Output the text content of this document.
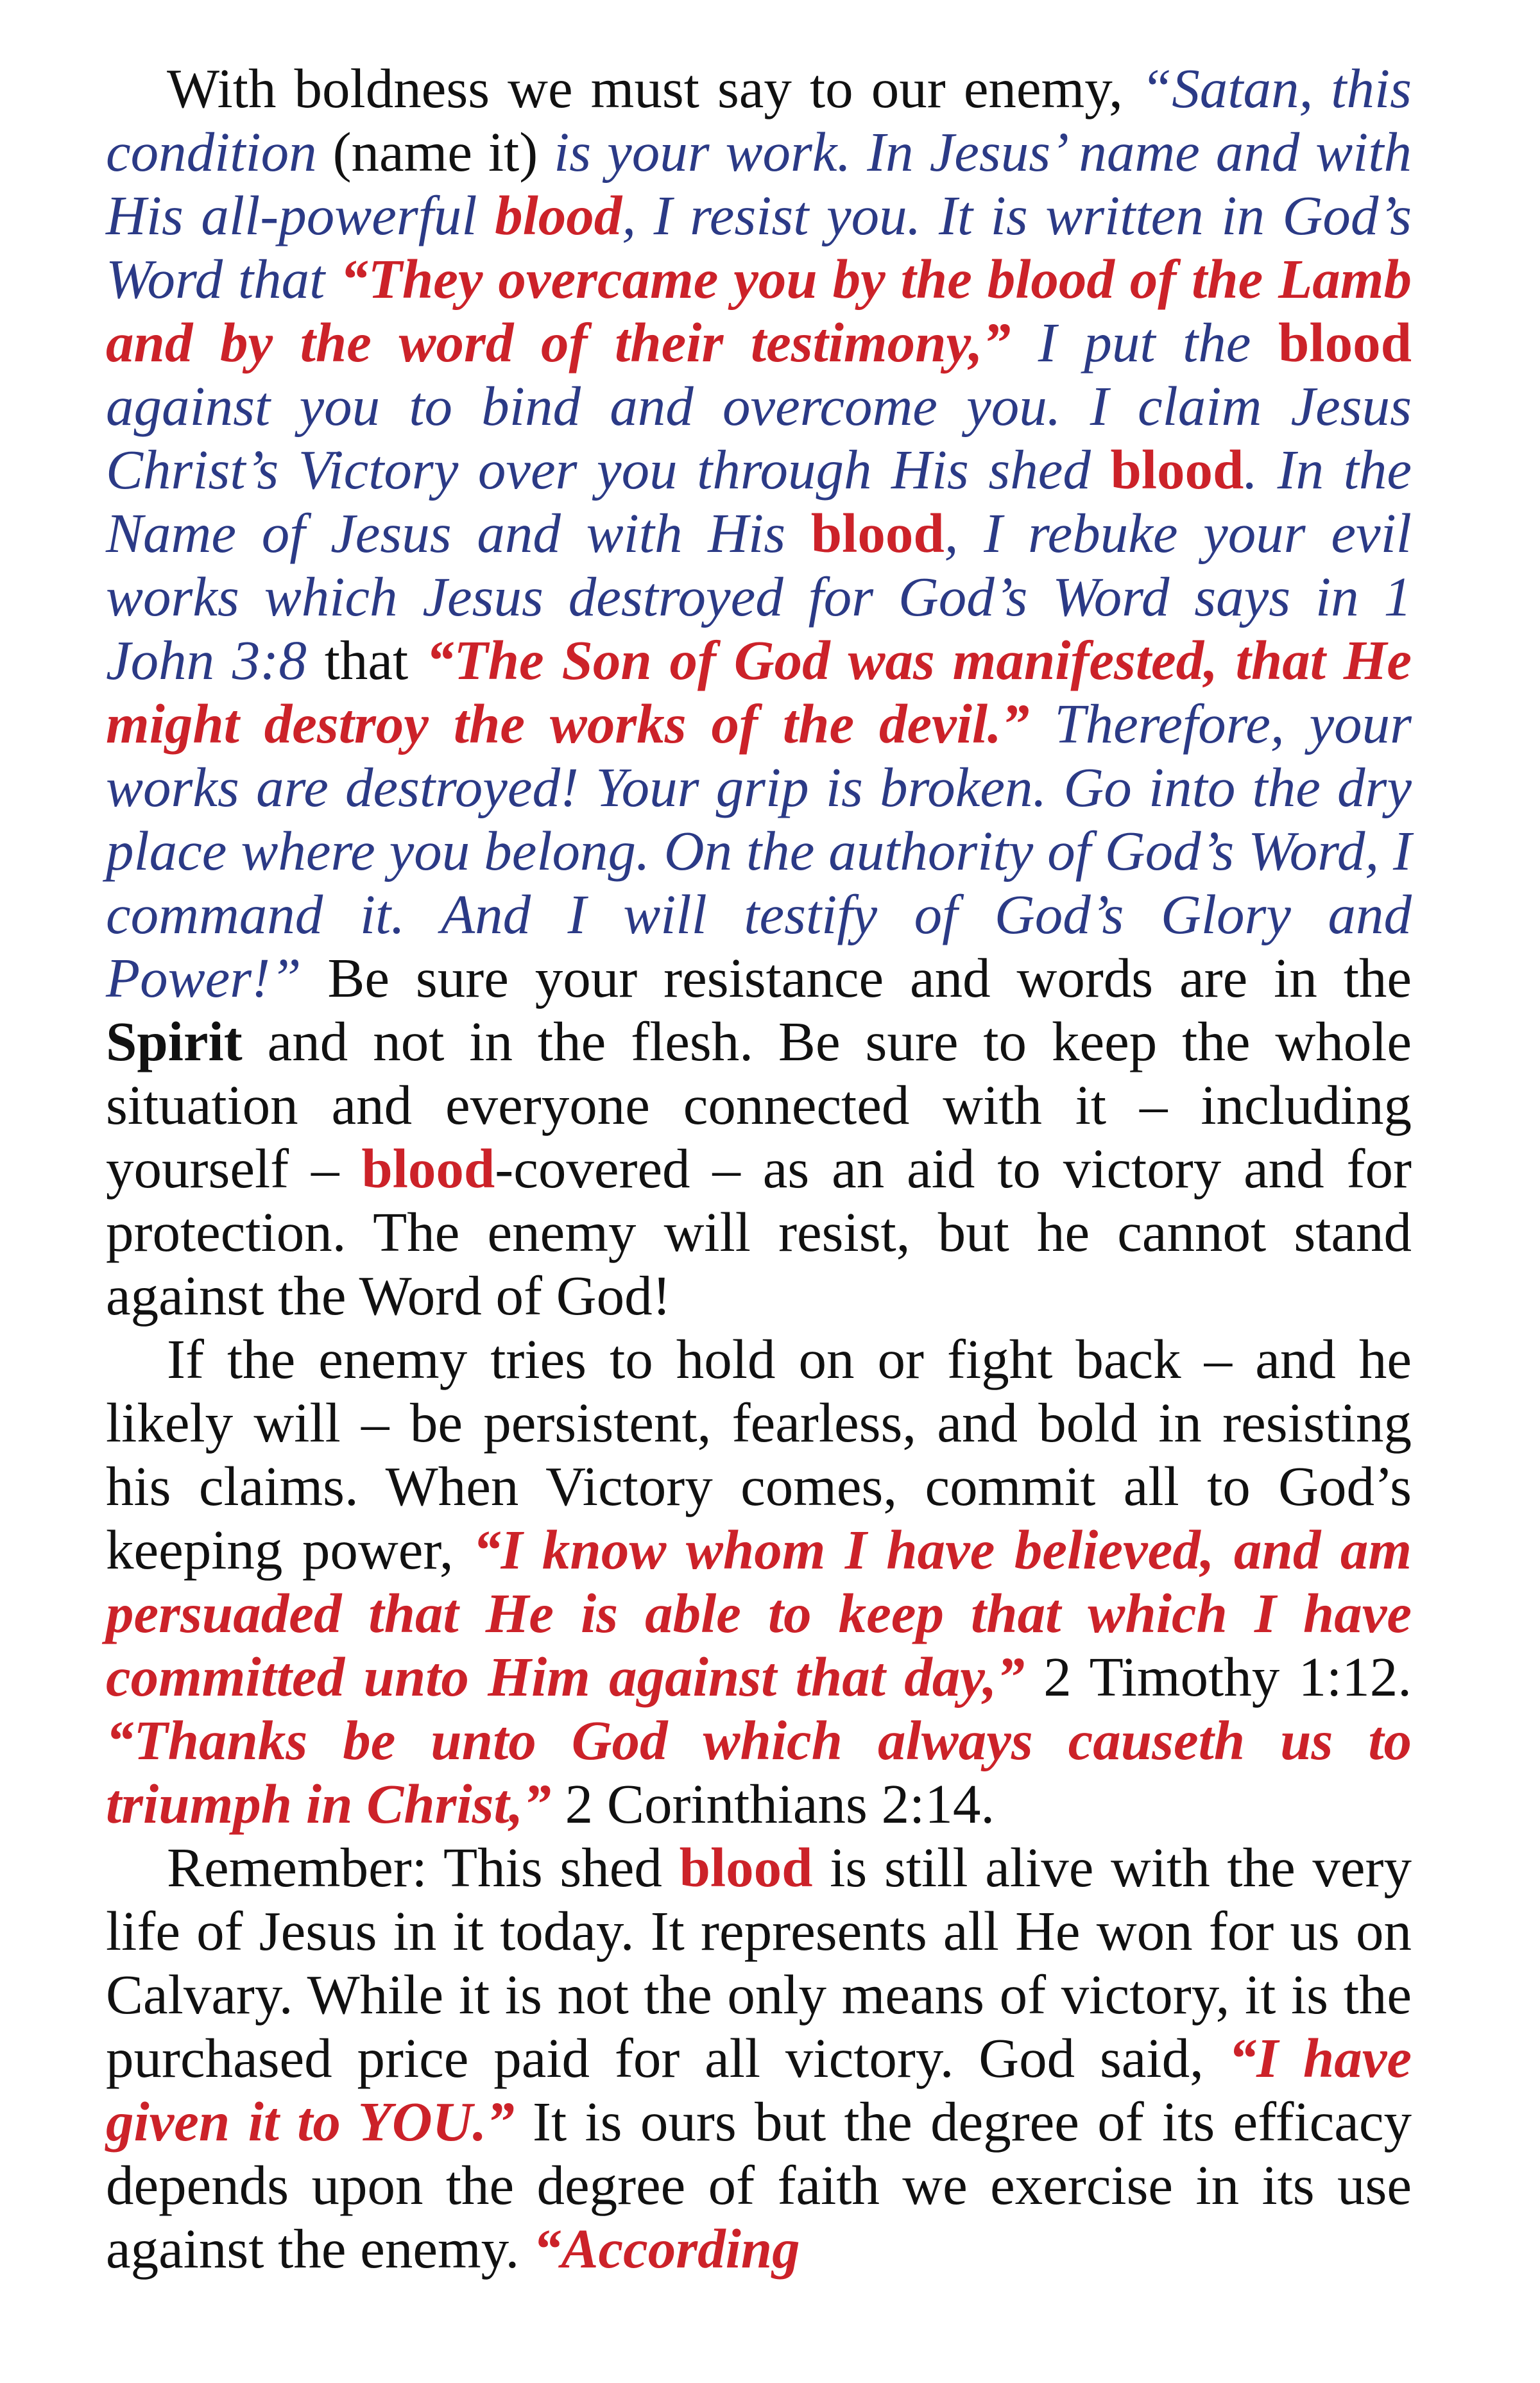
With boldness we must say to our enemy, “Satan, this condition (name it) is your work. In Jesus’ name and with His all-powerful blood, I resist you. It is written in God’s Word that “They overcame you by the blood of the Lamb and by the word of their testimony,” I put the blood against you to bind and overcome you. I claim Jesus Christ’s Victory over you through His shed blood. In the Name of Jesus and with His blood, I rebuke your evil works which Jesus destroyed for God’s Word says in 1 John 3:8 that “The Son of God was manifested, that He might destroy the works of the devil.” Therefore, your works are destroyed! Your grip is broken. Go into the dry place where you belong. On the authority of God’s Word, I command it. And I will testify of God’s Glory and Power!” Be sure your resistance and words are in the Spirit and not in the flesh. Be sure to keep the whole situation and everyone connected with it – including yourself – blood-covered – as an aid to victory and for protection. The enemy will resist, but he cannot stand against the Word of God!

If the enemy tries to hold on or fight back – and he likely will – be persistent, fearless, and bold in resisting his claims. When Victory comes, commit all to God’s keeping power, “I know whom I have believed, and am persuaded that He is able to keep that which I have committed unto Him against that day,” 2 Timothy 1:12. “Thanks be unto God which always causeth us to triumph in Christ,” 2 Corinthians 2:14.

Remember: This shed blood is still alive with the very life of Jesus in it today. It represents all He won for us on Calvary. While it is not the only means of victory, it is the purchased price paid for all victory. God said, “I have given it to YOU.” It is ours but the degree of its efficacy depends upon the degree of faith we exercise in its use against the enemy. “According
